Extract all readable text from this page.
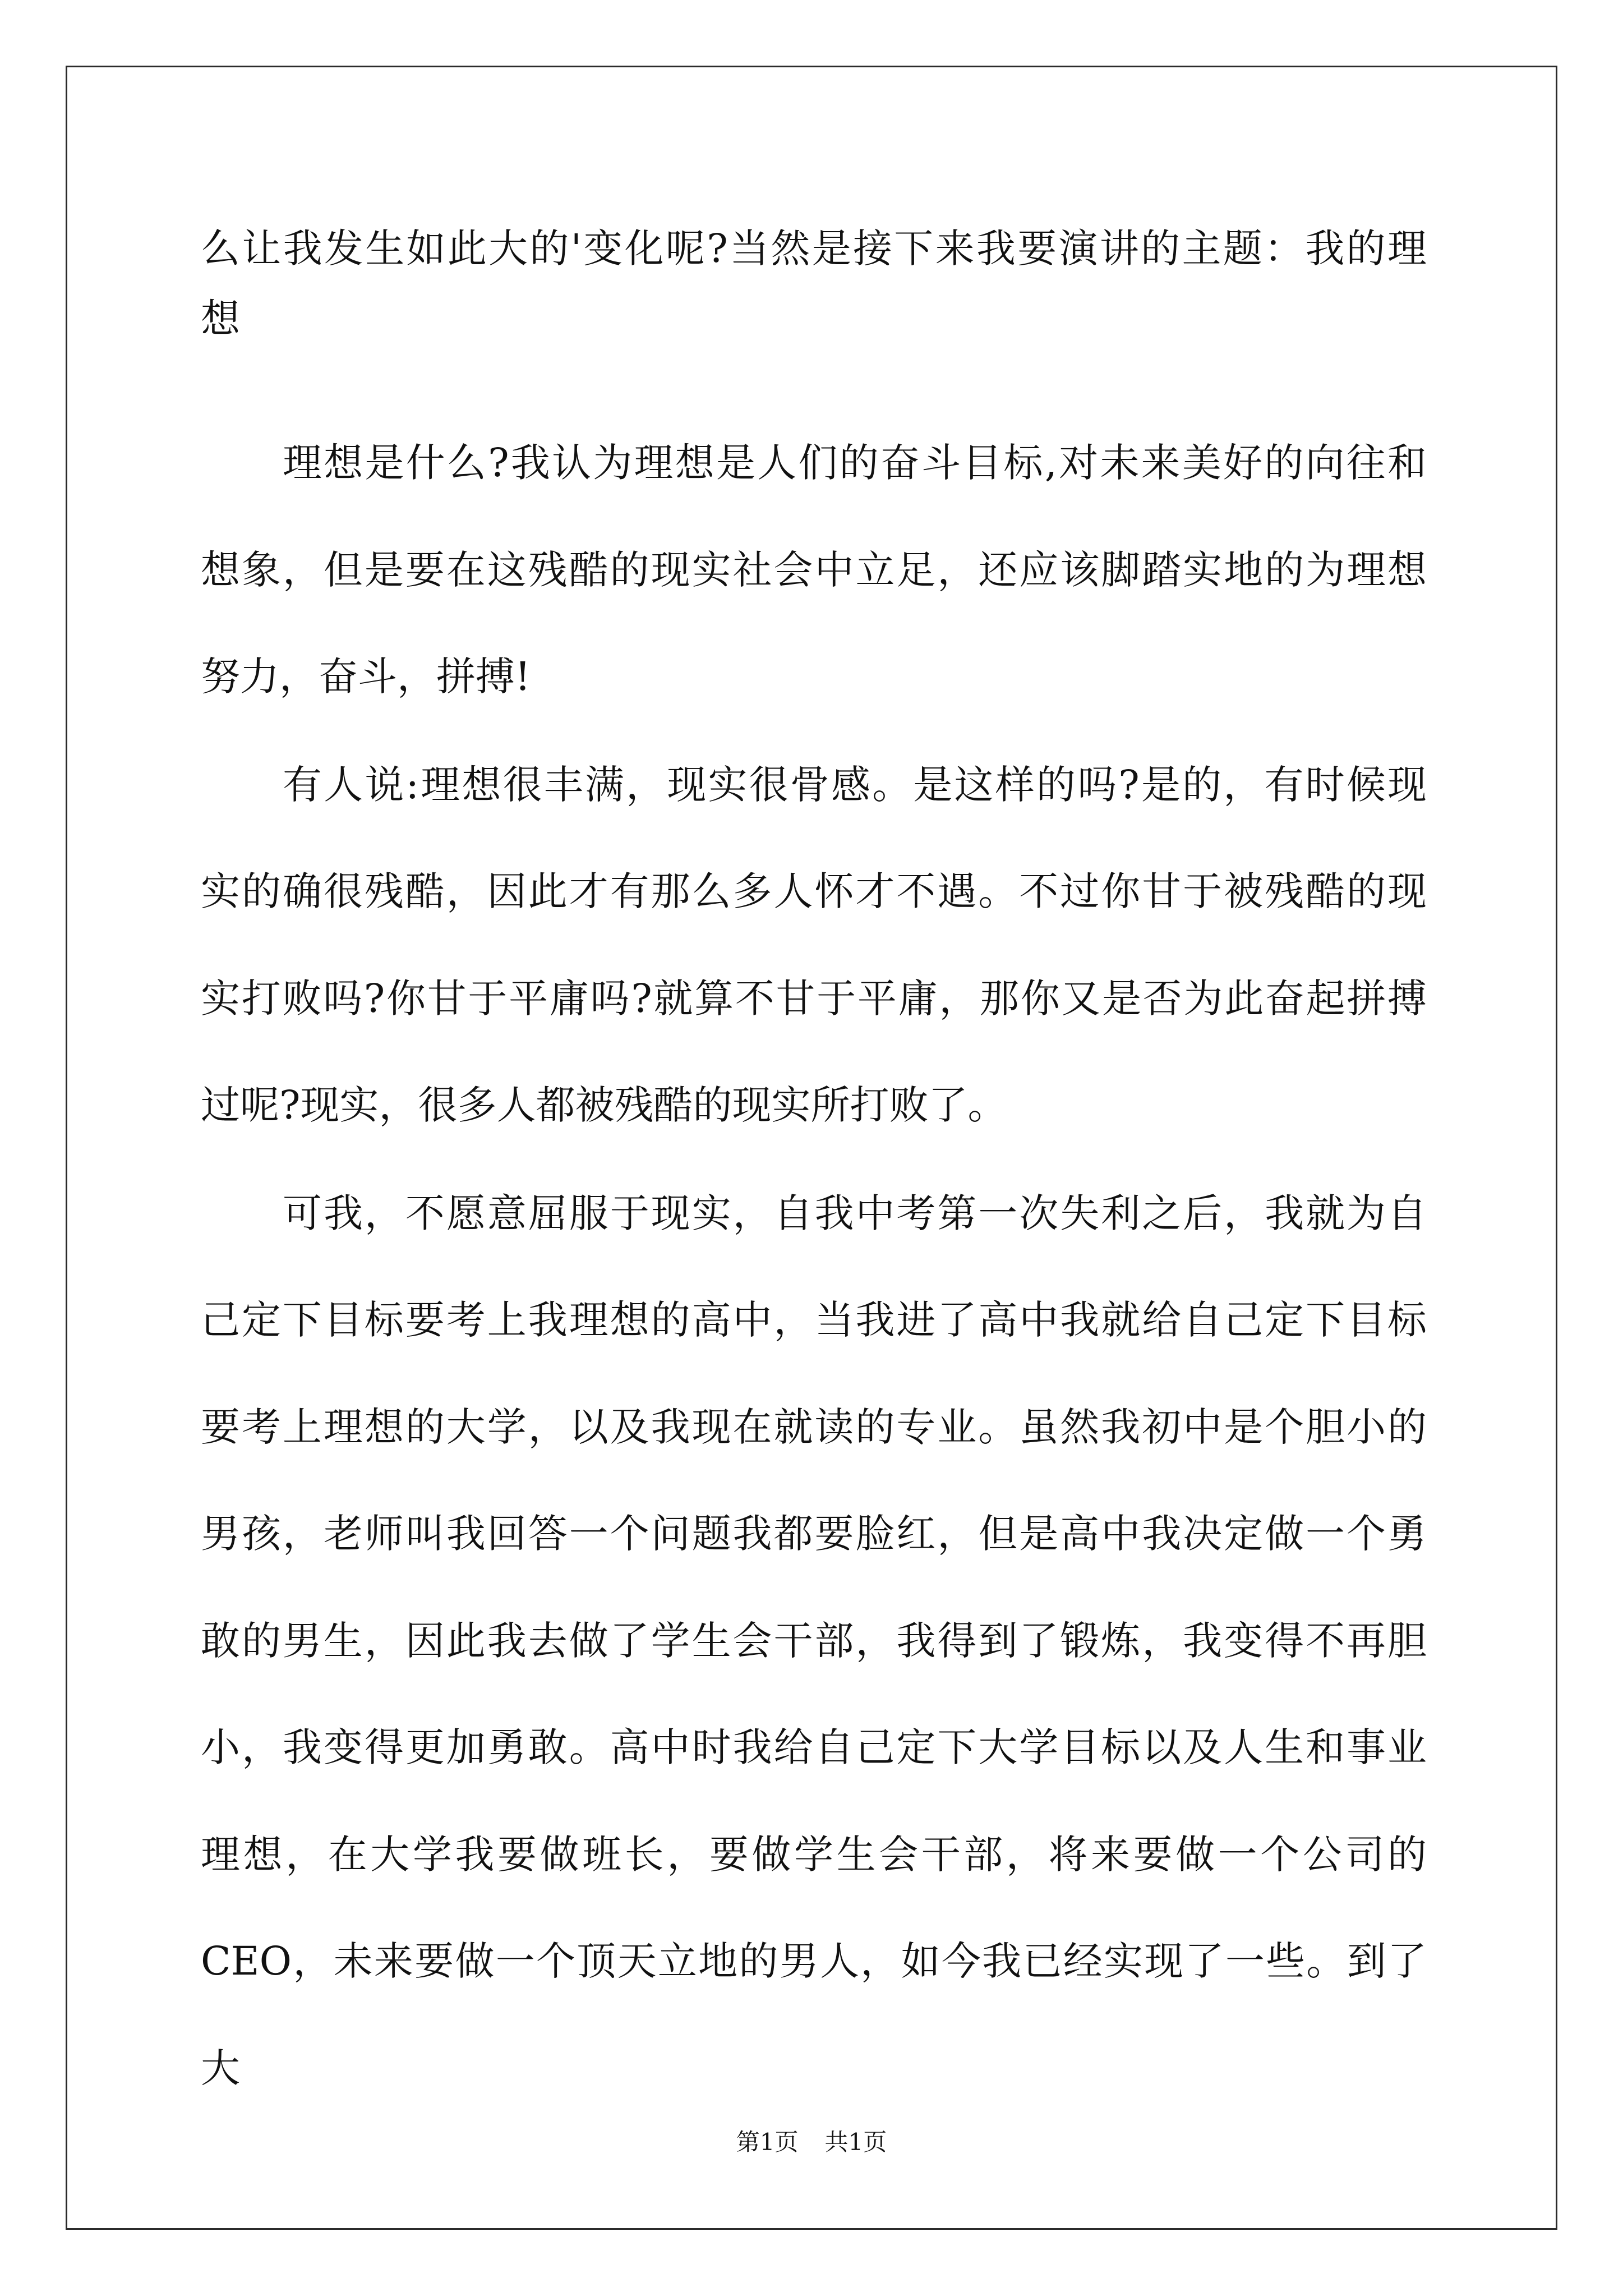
么让我发生如此大的'变化呢?当然是接下来我要演讲的主题：我的理
想
理想是什么?我认为理想是人们的奋斗目标,对未来美好的向往和
想象，但是要在这残酷的现实社会中立足，还应该脚踏实地的为理想
努力，奋斗，拼搏!
有人说:理想很丰满，现实很骨感。是这样的吗?是的，有时候现
实的确很残酷，因此才有那么多人怀才不遇。不过你甘于被残酷的现
实打败吗?你甘于平庸吗?就算不甘于平庸，那你又是否为此奋起拼搏
过呢?现实，很多人都被残酷的现实所打败了。
可我，不愿意屈服于现实，自我中考第一次失利之后，我就为自
己定下目标要考上我理想的高中，当我进了高中我就给自己定下目标
要考上理想的大学，以及我现在就读的专业。虽然我初中是个胆小的
男孩，老师叫我回答一个问题我都要脸红，但是高中我决定做一个勇
敢的男生，因此我去做了学生会干部，我得到了锻炼，我变得不再胆
小，我变得更加勇敢。高中时我给自己定下大学目标以及人生和事业
理想，在大学我要做班长，要做学生会干部，将来要做一个公司的
CEO，未来要做一个顶天立地的男人，如今我已经实现了一些。到了大
第1页 共1页
